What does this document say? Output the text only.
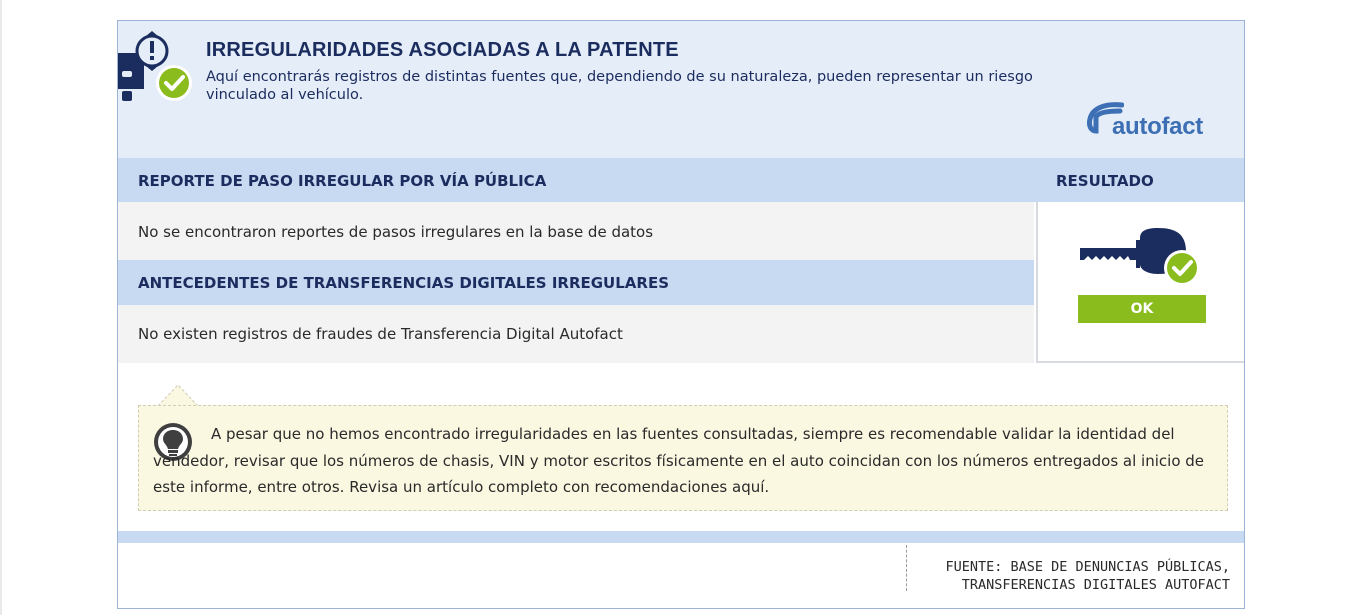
IRREGULARIDADES ASOCIADAS A LA PATENTE
Aquí encontrarás registros de distintas fuentes que, dependiendo de su naturaleza, pueden representar un riesgo vinculado al vehículo.
autofact
REPORTE DE PASO IRREGULAR POR VÍA PÚBLICA	RESULTADO
No se encontraron reportes de pasos irregulares en la base de datos
ANTECEDENTES DE TRANSFERENCIAS DIGITALES IRREGULARES
No existen registros de fraudes de Transferencia Digital Autofact
OK
A pesar que no hemos encontrado irregularidades en las fuentes consultadas, siempre es recomendable validar la identidad del vendedor, revisar que los números de chasis, VIN y motor escritos físicamente en el auto coincidan con los números entregados al inicio de este informe, entre otros. Revisa un artículo completo con recomendaciones aquí.
FUENTE: BASE DE DENUNCIAS PÚBLICAS,
TRANSFERENCIAS DIGITALES AUTOFACT
